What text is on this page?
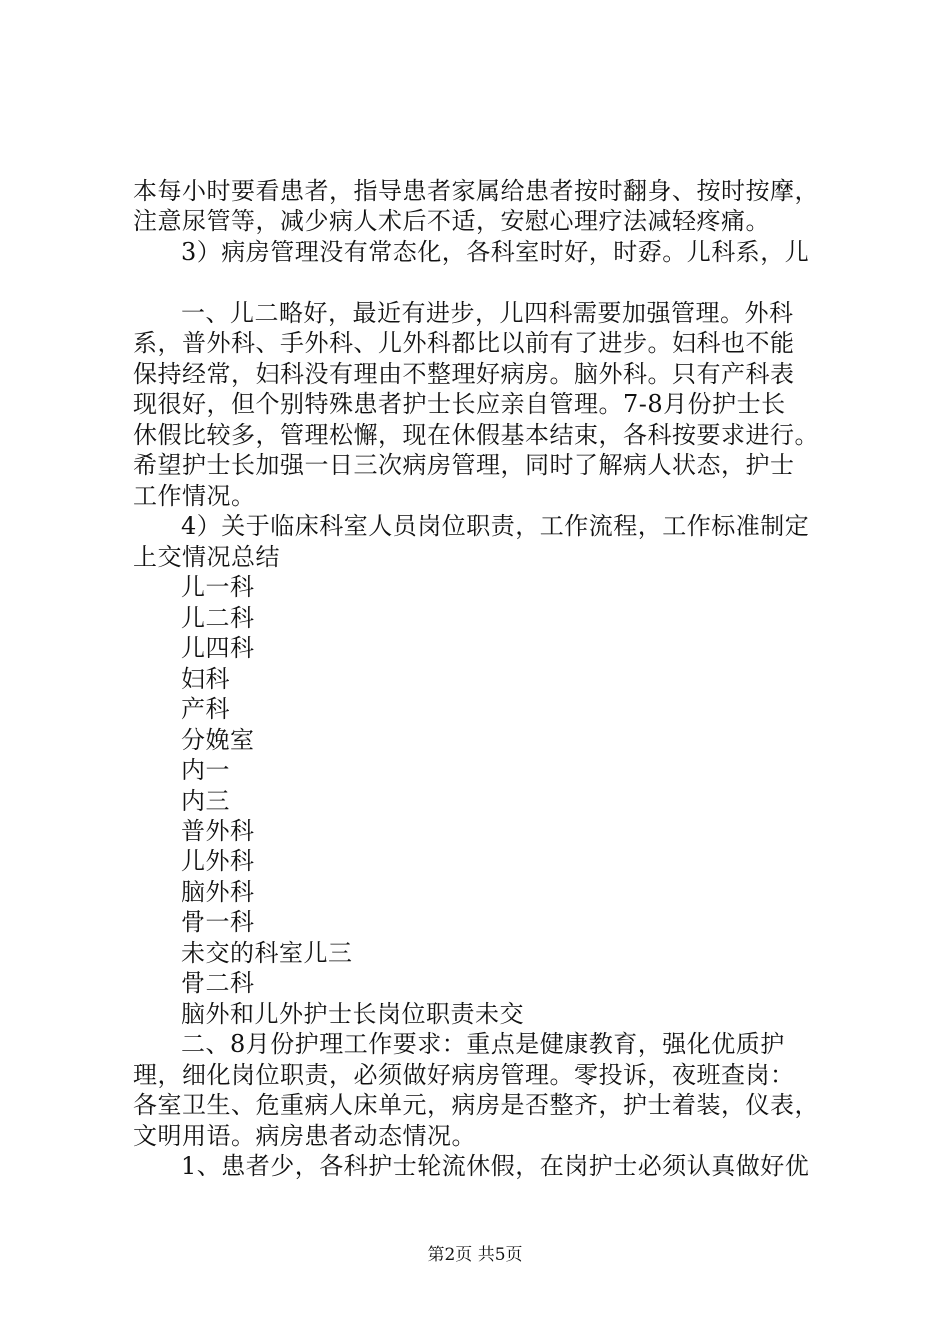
本每小时要看患者，指导患者家属给患者按时翻身、按时按摩，
注意尿管等，减少病人术后不适，安慰心理疗法减轻疼痛。
3）病房管理没有常态化，各科室时好，时孬。儿科系，儿
一、儿二略好，最近有进步，儿四科需要加强管理。外科
系，普外科、手外科、儿外科都比以前有了进步。妇科也不能
保持经常，妇科没有理由不整理好病房。脑外科。只有产科表
现很好，但个别特殊患者护士长应亲自管理。7-8月份护士长
休假比较多，管理松懈，现在休假基本结束，各科按要求进行。
希望护士长加强一日三次病房管理，同时了解病人状态，护士
工作情况。
4）关于临床科室人员岗位职责，工作流程，工作标准制定
上交情况总结
儿一科
儿二科
儿四科
妇科
产科
分娩室
内一
内三
普外科
儿外科
脑外科
骨一科
未交的科室儿三
骨二科
脑外和儿外护士长岗位职责未交
二、8月份护理工作要求：重点是健康教育，强化优质护
理，细化岗位职责，必须做好病房管理。零投诉，夜班查岗：
各室卫生、危重病人床单元，病房是否整齐，护士着装，仪表，
文明用语。病房患者动态情况。
1、患者少，各科护士轮流休假，在岗护士必须认真做好优
第2页 共5页
